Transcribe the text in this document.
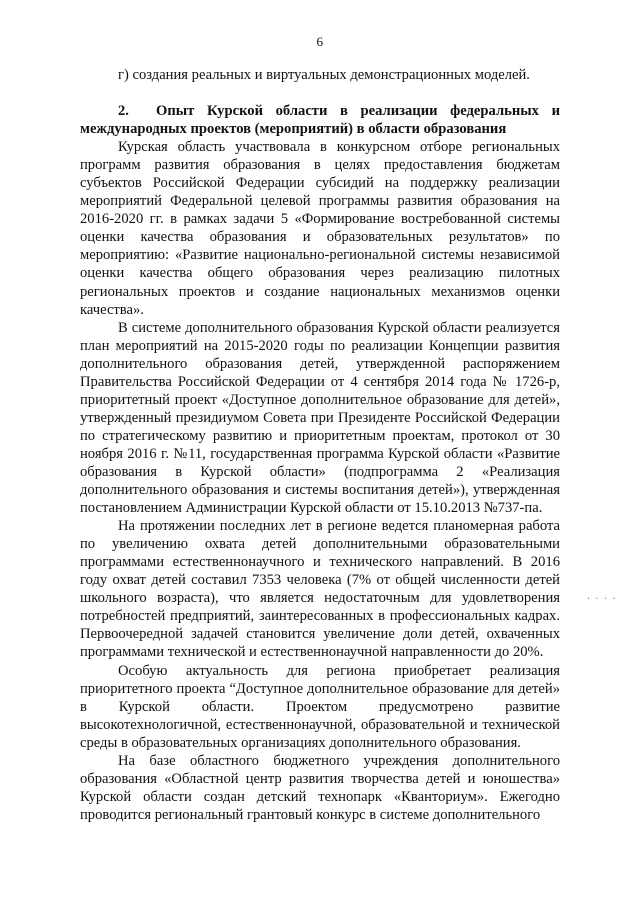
6

г) создания реальных и виртуальных демонстрационных моделей.

2. Опыт Курской области в реализации федеральных и международных проектов (мероприятий) в области образования

Курская область участвовала в конкурсном отборе региональных программ развития образования в целях предоставления бюджетам субъектов Российской Федерации субсидий на поддержку реализации мероприятий Федеральной целевой программы развития образования на 2016-2020 гг. в рамках задачи 5 «Формирование востребованной системы оценки качества образования и образовательных результатов» по мероприятию: «Развитие национально-региональной системы независимой оценки качества общего образования через реализацию пилотных региональных проектов и создание национальных механизмов оценки качества».

В системе дополнительного образования Курской области реализуется план мероприятий на 2015-2020 годы по реализации Концепции развития дополнительного образования детей, утвержденной распоряжением Правительства Российской Федерации от 4 сентября 2014 года № 1726-р, приоритетный проект «Доступное дополнительное образование для детей», утвержденный президиумом Совета при Президенте Российской Федерации по стратегическому развитию и приоритетным проектам, протокол от 30 ноября 2016 г. №11, государственная программа Курской области «Развитие образования в Курской области» (подпрограмма 2 «Реализация дополнительного образования и системы воспитания детей»), утвержденная постановлением Администрации Курской области от 15.10.2013 №737-па.

На протяжении последних лет в регионе ведется планомерная работа по увеличению охвата детей дополнительными образовательными программами естественнонаучного и технического направлений. В 2016 году охват детей составил 7353 человека (7% от общей численности детей школьного возраста), что является недостаточным для удовлетворения потребностей предприятий, заинтересованных в профессиональных кадрах. Первоочередной задачей становится увеличение доли детей, охваченных программами технической и естественнонаучной направленности до 20%.

Особую актуальность для региона приобретает реализация приоритетного проекта “Доступное дополнительное образование для детей» в Курской области. Проектом предусмотрено развитие высокотехнологичной, естественнонаучной, образовательной и технической среды в образовательных организациях дополнительного образования.

На базе областного бюджетного учреждения дополнительного образования «Областной центр развития творчества детей и юношества» Курской области создан детский технопарк «Кванториум». Ежегодно проводится региональный грантовый конкурс в системе дополнительного

· · · ·
